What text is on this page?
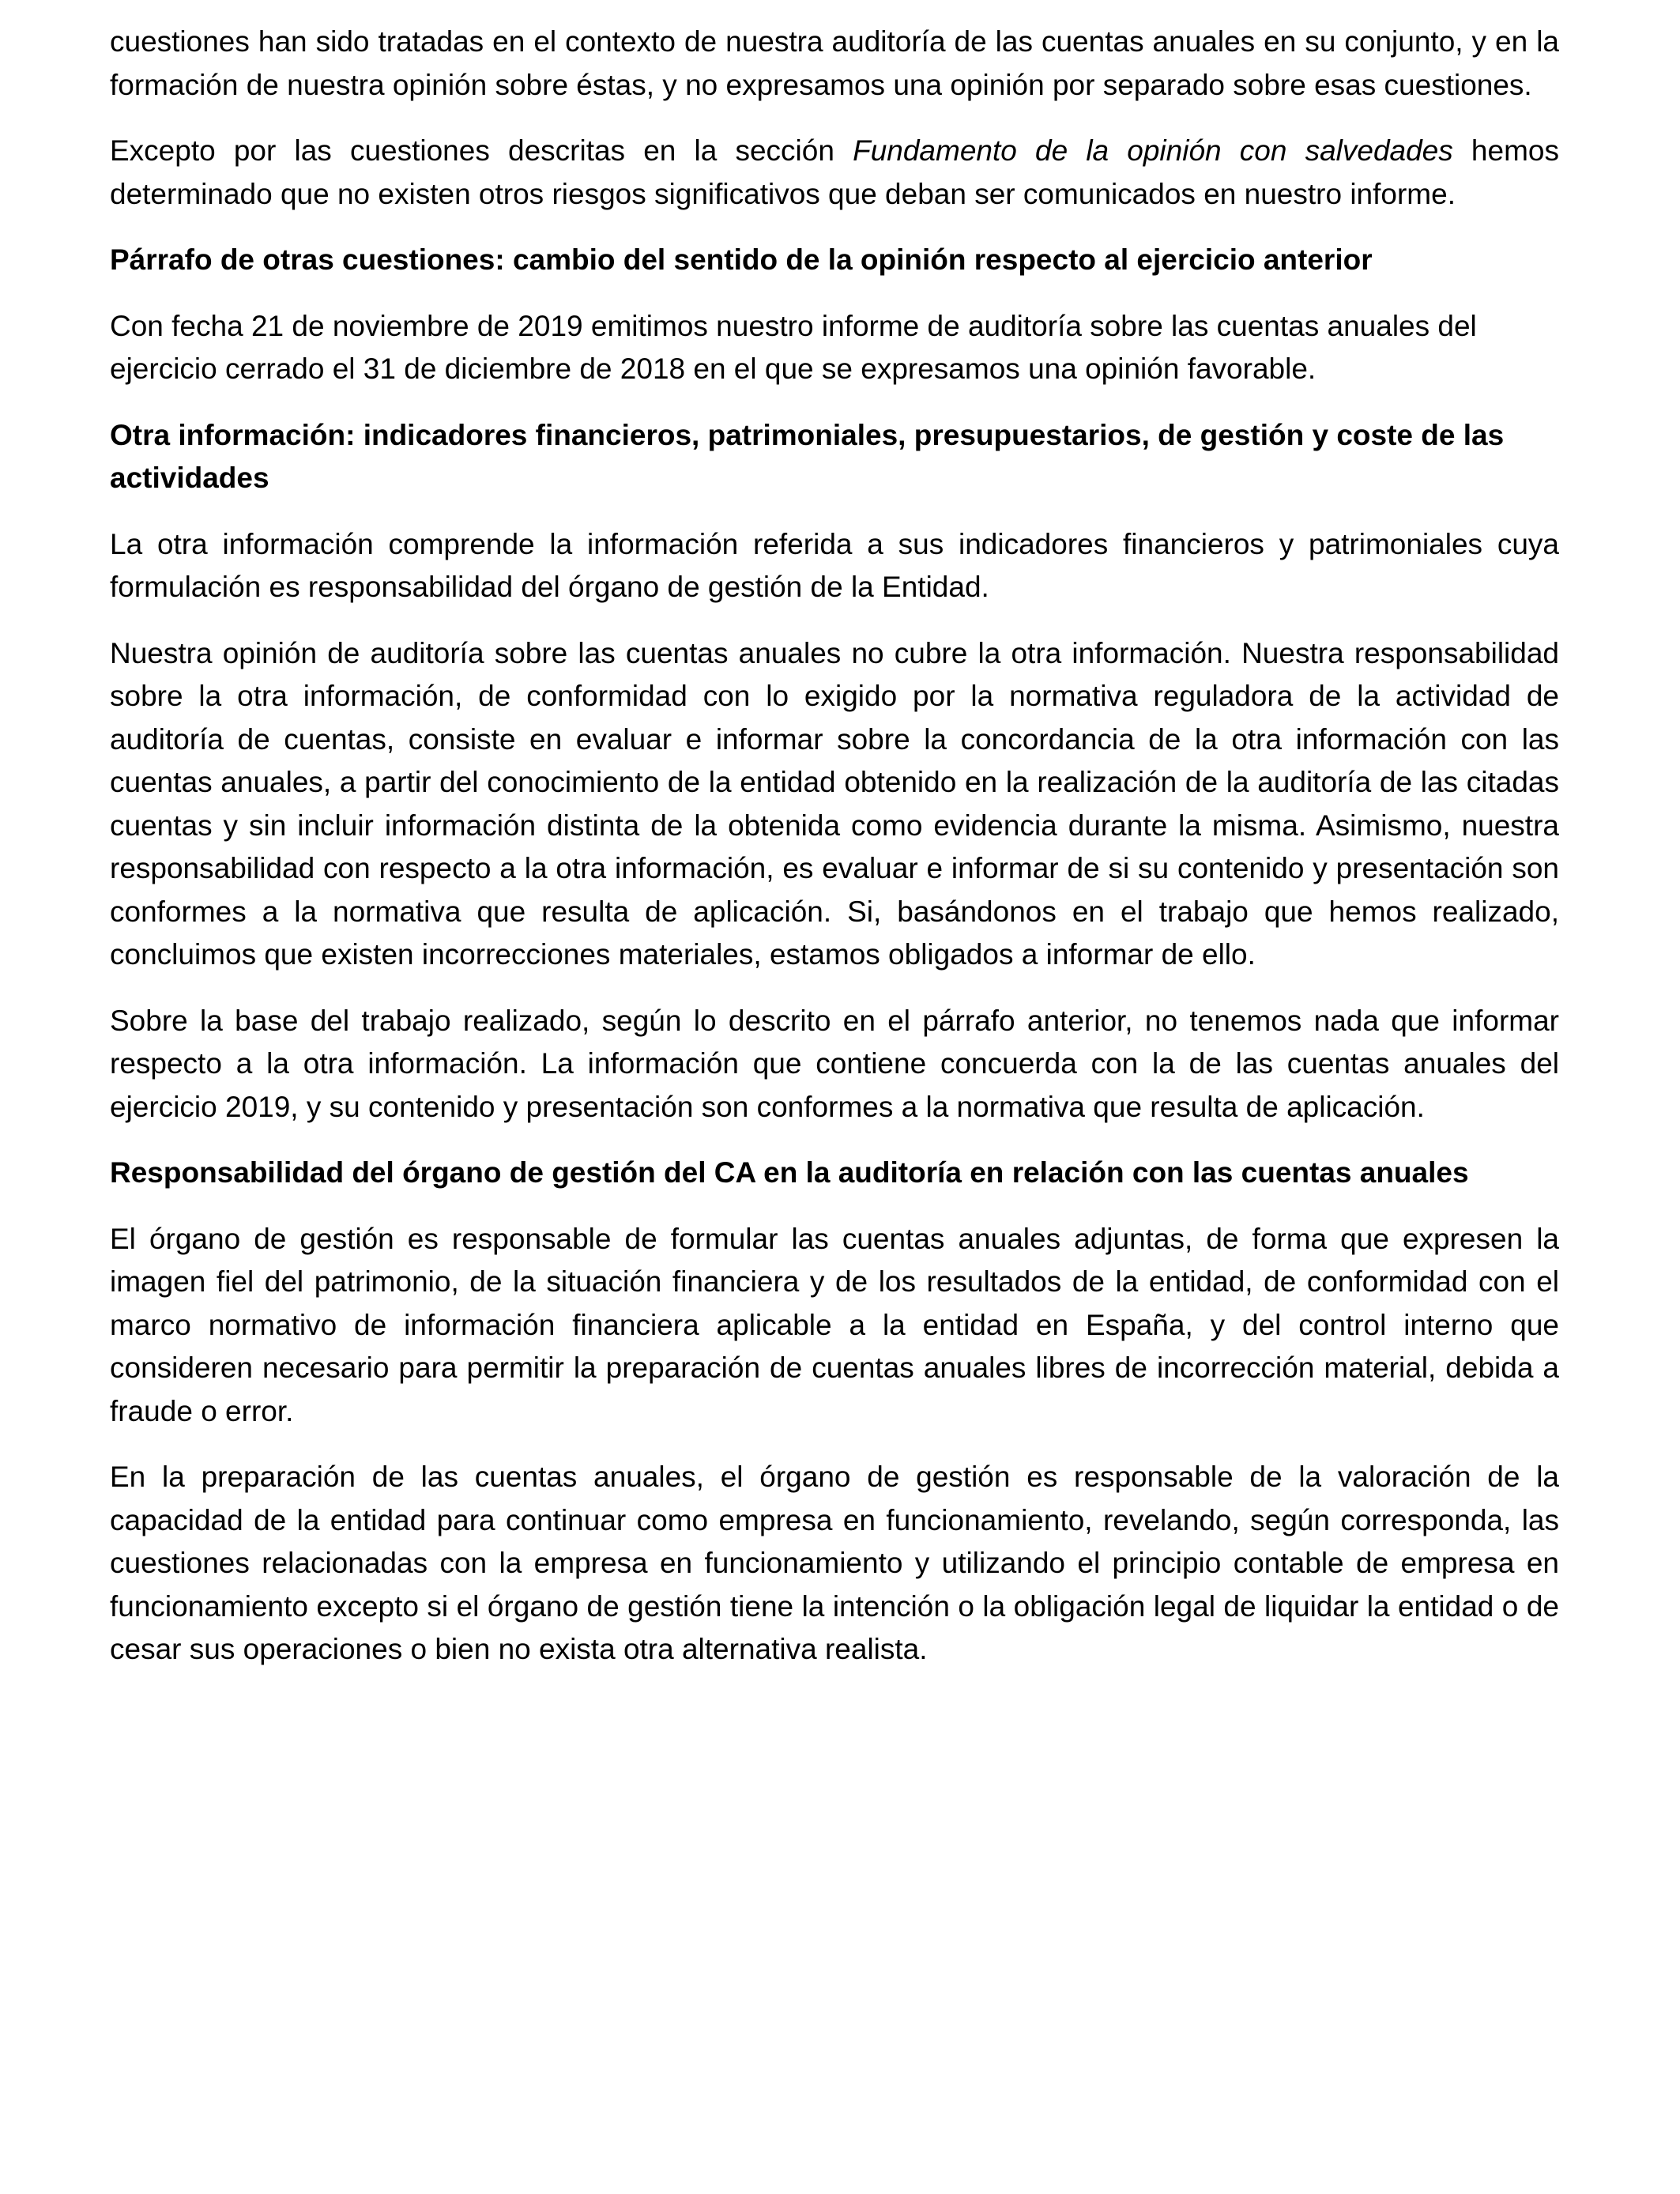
cuestiones han sido tratadas en el contexto de nuestra auditoría de las cuentas anuales en su conjunto, y en la formación de nuestra opinión sobre éstas, y no expresamos una opinión por separado sobre esas cuestiones.

Excepto por las cuestiones descritas en la sección Fundamento de la opinión con salvedades hemos determinado que no existen otros riesgos significativos que deban ser comunicados en nuestro informe.

Párrafo de otras cuestiones: cambio del sentido de la opinión respecto al ejercicio anterior

Con fecha 21 de noviembre de 2019 emitimos nuestro informe de auditoría sobre las cuentas anuales del ejercicio cerrado el 31 de diciembre de 2018 en el que se expresamos una opinión favorable.

Otra información: indicadores financieros, patrimoniales, presupuestarios, de gestión y coste de las actividades

La otra información comprende la información referida a sus indicadores financieros y patrimoniales cuya formulación es responsabilidad del órgano de gestión de la Entidad.

Nuestra opinión de auditoría sobre las cuentas anuales no cubre la otra información. Nuestra responsabilidad sobre la otra información, de conformidad con lo exigido por la normativa reguladora de la actividad de auditoría de cuentas, consiste en evaluar e informar sobre la concordancia de la otra información con las cuentas anuales, a partir del conocimiento de la entidad obtenido en la realización de la auditoría de las citadas cuentas y sin incluir información distinta de la obtenida como evidencia durante la misma. Asimismo, nuestra responsabilidad con respecto a la otra información, es evaluar e informar de si su contenido y presentación son conformes a la normativa que resulta de aplicación. Si, basándonos en el trabajo que hemos realizado, concluimos que existen incorrecciones materiales, estamos obligados a informar de ello.

Sobre la base del trabajo realizado, según lo descrito en el párrafo anterior, no tenemos nada que informar respecto a la otra información. La información que contiene concuerda con la de las cuentas anuales del ejercicio 2019, y su contenido y presentación son conformes a la normativa que resulta de aplicación.

Responsabilidad del órgano de gestión del CA en la auditoría en relación con las cuentas anuales

El órgano de gestión es responsable de formular las cuentas anuales adjuntas, de forma que expresen la imagen fiel del patrimonio, de la situación financiera y de los resultados de la entidad, de conformidad con el marco normativo de información financiera aplicable a la entidad en España, y del control interno que consideren necesario para permitir la preparación de cuentas anuales libres de incorrección material, debida a fraude o error.

En la preparación de las cuentas anuales, el órgano de gestión es responsable de la valoración de la capacidad de la entidad para continuar como empresa en funcionamiento, revelando, según corresponda, las cuestiones relacionadas con la empresa en funcionamiento y utilizando el principio contable de empresa en funcionamiento excepto si el órgano de gestión tiene la intención o la obligación legal de liquidar la entidad o de cesar sus operaciones o bien no exista otra alternativa realista.
